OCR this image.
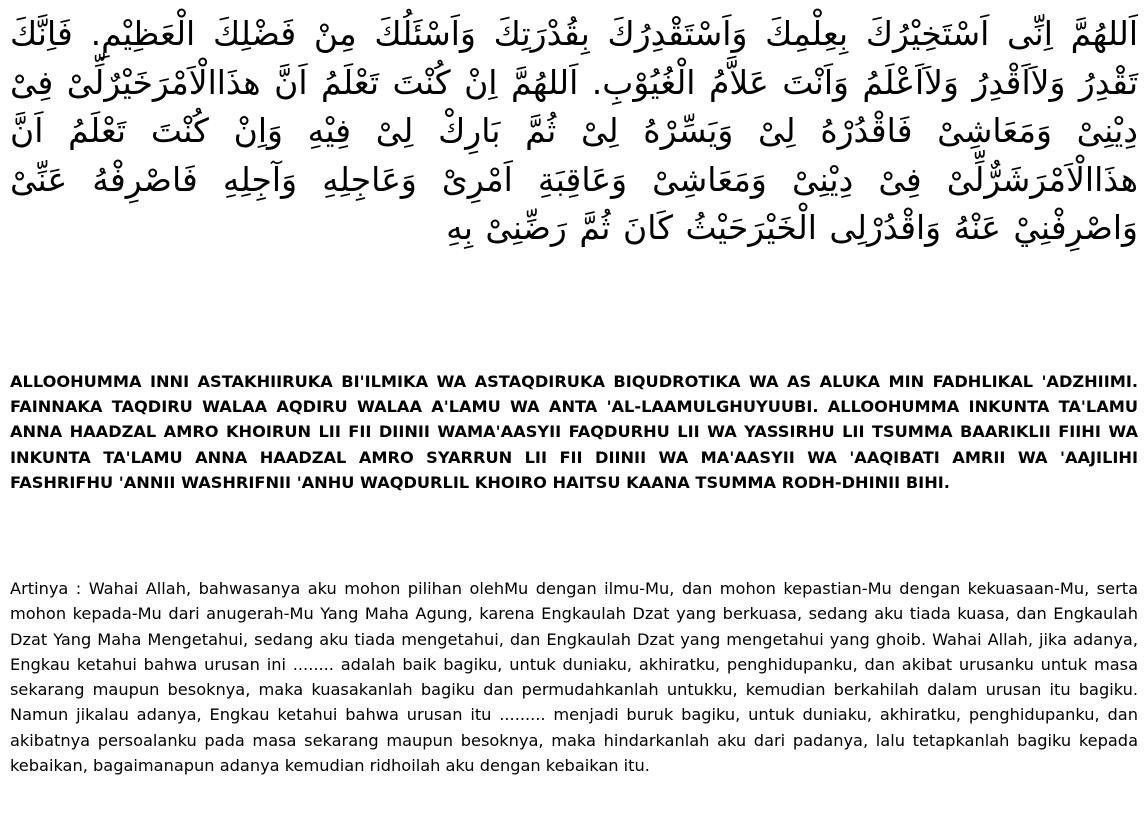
اَللهُمَّ اِنِّى اَسْتَخِيْرُكَ بِعِلْمِكَ وَاَسْتَقْدِرُكَ بِقُدْرَتِكَ وَاَسْئَلُكَ مِنْ فَضْلِكَ الْعَظِيْمِ. فَاِنَّكَ تَقْدِرُ وَلاَاَقْدِرُ وَلاَاَعْلَمُ وَاَنْتَ عَلاَّمُ الْغُيُوْبِ. اَللهُمَّ اِنْ كُنْتَ تَعْلَمُ اَنَّ هذَاالْاَمْرَخَيْرٌلِّىْ فِىْ دِيْنِىْ وَمَعَاشِىْ فَاقْدُرْهُ لِىْ وَيَسِّرْهُ لِىْ ثُمَّ بَارِكْ لِىْ فِيْهِ وَاِنْ كُنْتَ تَعْلَمُ اَنَّ هذَاالْاَمْرَشَرٌّلِّىْ فِىْ دِيْنِىْ وَمَعَاشِىْ وَعَاقِبَةِ اَمْرِىْ وَعَاجِلِهِ وَآجِلِهِ فَاصْرِفْهُ عَنِّىْ وَاصْرِفْنِيْ عَنْهُ وَاقْدُرْلِى الْخَيْرَحَيْثُ كَانَ ثُمَّ رَضِّنِىْ بِهِ
ALLOOHUMMA INNI ASTAKHIIRUKA BI'ILMIKA WA ASTAQDIRUKA BIQUDROTIKA WA AS ALUKA MIN FADHLIKAL 'ADZHIIMI. FAINNAKA TAQDIRU WALAA AQDIRU WALAA A'LAMU WA ANTA 'AL-LAAMULGHUYUUBI. ALLOOHUMMA INKUNTA TA'LAMU ANNA HAADZAL AMRO KHOIRUN LII FII DIINII WAMA'AASYII FAQDURHU LII WA YASSIRHU LII TSUMMA BAARIKLII FIIHI WA INKUNTA TA'LAMU ANNA HAADZAL AMRO SYARRUN LII FII DIINII WA MA'AASYII WA 'AAQIBATI AMRII WA 'AAJILIHI FASHRIFHU 'ANNII WASHRIFNII 'ANHU WAQDURLIL KHOIRO HAITSU KAANA TSUMMA RODH-DHINII BIHI.
Artinya : Wahai Allah, bahwasanya aku mohon pilihan olehMu dengan ilmu-Mu, dan mohon kepastian-Mu dengan kekuasaan-Mu, serta mohon kepada-Mu dari anugerah-Mu Yang Maha Agung, karena Engkaulah Dzat yang berkuasa, sedang aku tiada kuasa, dan Engkaulah Dzat Yang Maha Mengetahui, sedang aku tiada mengetahui, dan Engkaulah Dzat yang mengetahui yang ghoib. Wahai Allah, jika adanya, Engkau ketahui bahwa urusan ini ........ adalah baik bagiku, untuk duniaku, akhiratku, penghidupanku, dan akibat urusanku untuk masa sekarang maupun besoknya, maka kuasakanlah bagiku dan permudahkanlah untukku, kemudian berkahilah dalam urusan itu bagiku. Namun jikalau adanya, Engkau ketahui bahwa urusan itu ......... menjadi buruk bagiku, untuk duniaku, akhiratku, penghidupanku, dan akibatnya persoalanku pada masa sekarang maupun besoknya, maka hindarkanlah aku dari padanya, lalu tetapkanlah bagiku kepada kebaikan, bagaimanapun adanya kemudian ridhoilah aku dengan kebaikan itu.
